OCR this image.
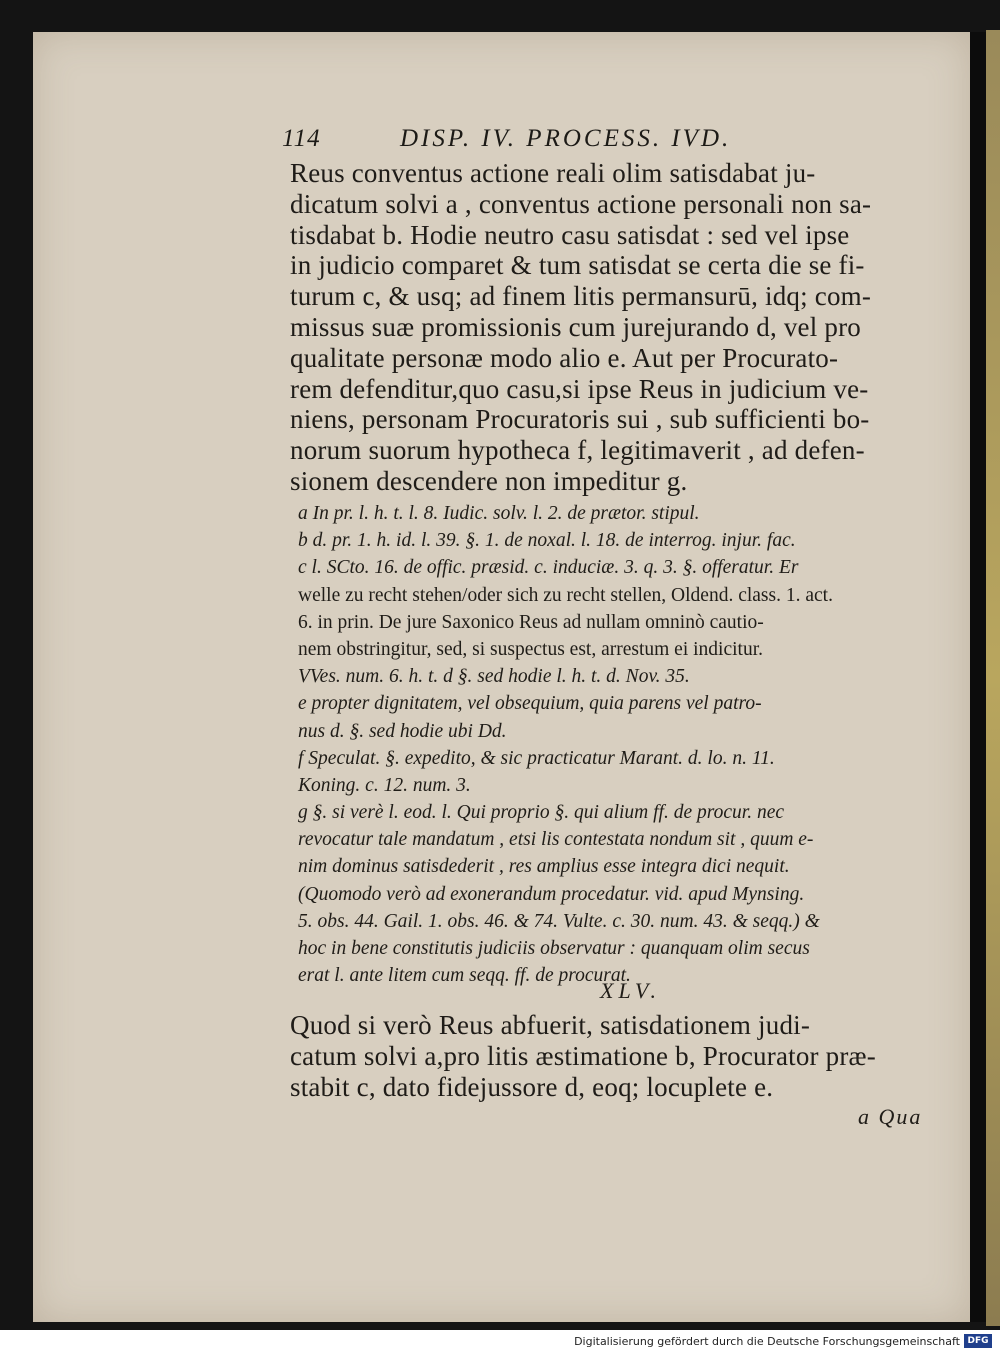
114	DISP. IV. PROCESS. IVD.
Reus conventus actione reali olim satisdabat ju-
dicatum solvi a , conventus actione personali non sa-
tisdabat b. Hodie neutro casu satisdat : sed vel ipse
in judicio comparet & tum satisdat se certa die se fi-
turum c, & usq; ad finem litis permansurū, idq; com-
missus suæ promissionis cum jurejurando d, vel pro
qualitate personæ modo alio e. Aut per Procurato-
rem defenditur,quo casu,si ipse Reus in judicium ve-
niens, personam Procuratoris sui , sub sufficienti bo-
norum suorum hypotheca f, legitimaverit , ad defen-
sionem descendere non impeditur g.
a In pr. l. h. t. l. 8. Iudic. solv. l. 2. de prætor. stipul.
b d. pr. 1. h. id. l. 39. §. 1. de noxal. l. 18. de interrog. injur. fac.
c l. SCto. 16. de offic. præsid. c. induciæ. 3. q. 3. §. offeratur. Er
welle zu recht stehen/oder sich zu recht stellen, Oldend. class. 1. act.
6. in prin. De jure Saxonico Reus ad nullam omninò cautio-
nem obstringitur, sed, si suspectus est, arrestum ei indicitur.
VVes. num. 6. h. t. d §. sed hodie l. h. t. d. Nov. 35.
e propter dignitatem, vel obsequium, quia parens vel patro-
nus d. §. sed hodie ubi Dd.
f Speculat. §. expedito, & sic practicatur Marant. d. lo. n. 11.
Koning. c. 12. num. 3.
g §. si verè l. eod. l. Qui proprio §. qui alium ff. de procur. nec
revocatur tale mandatum , etsi lis contestata nondum sit , quum e-
nim dominus satisdederit , res amplius esse integra dici nequit.
(Quomodo verò ad exonerandum procedatur. vid. apud Mynsing.
5. obs. 44. Gail. 1. obs. 46. & 74. Vulte. c. 30. num. 43. & seqq.) &
hoc in bene constitutis judiciis observatur : quanquam olim secus
erat l. ante litem cum seqq. ff. de procurat.
XLV.
Quod si verò Reus abfuerit, satisdationem judi-
catum solvi a,pro litis æstimatione b, Procurator præ-
stabit c, dato fidejussore d, eoq; locuplete e.
a Qua
Digitalisierung gefördert durch die Deutsche Forschungsgemeinschaft DFG
